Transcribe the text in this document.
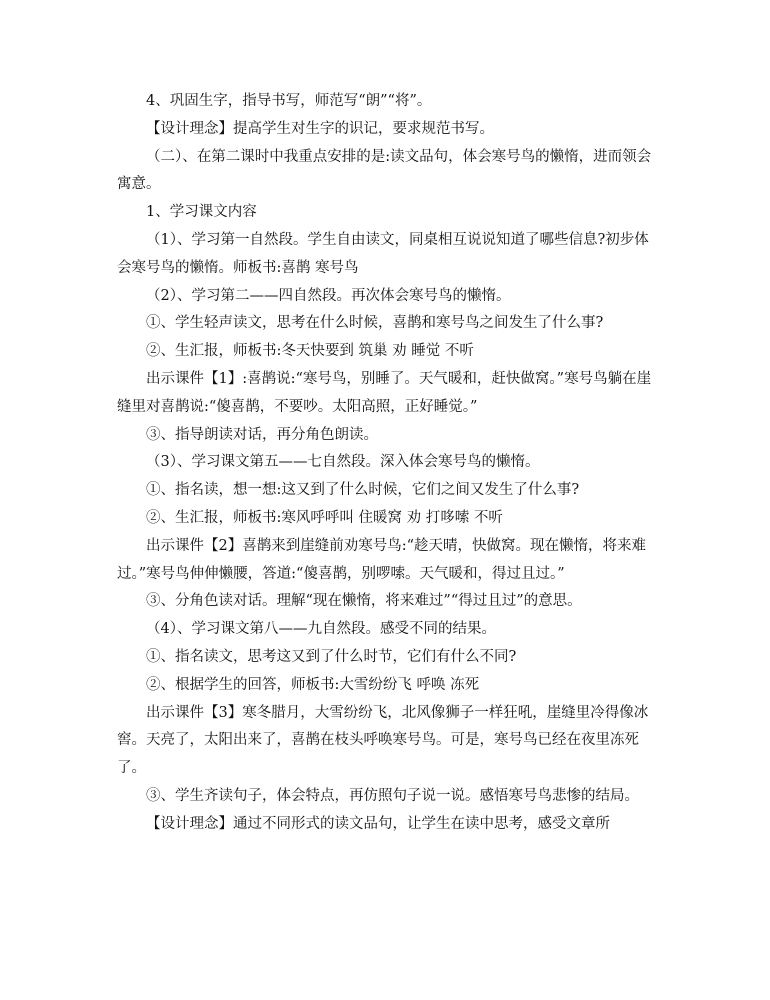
4、巩固生字，指导书写，师范写“朗”“将”。

【设计理念】提高学生对生字的识记，要求规范书写。

（二）、在第二课时中我重点安排的是:读文品句，体会寒号鸟的懒惰，进而领会寓意。

1、学习课文内容

（1）、学习第一自然段。学生自由读文，同桌相互说说知道了哪些信息?初步体会寒号鸟的懒惰。师板书:喜鹊 寒号鸟

（2）、学习第二——四自然段。再次体会寒号鸟的懒惰。

①、学生轻声读文，思考在什么时候，喜鹊和寒号鸟之间发生了什么事?

②、生汇报，师板书:冬天快要到 筑巢 劝 睡觉 不听

出示课件【1】:喜鹊说:“寒号鸟，别睡了。天气暖和，赶快做窝。”寒号鸟躺在崖缝里对喜鹊说:“傻喜鹊，不要吵。太阳高照，正好睡觉。”

③、指导朗读对话，再分角色朗读。

（3）、学习课文第五——七自然段。深入体会寒号鸟的懒惰。

①、指名读，想一想:这又到了什么时候，它们之间又发生了什么事?

②、生汇报，师板书:寒风呼呼叫 住暖窝 劝 打哆嗦 不听

出示课件【2】喜鹊来到崖缝前劝寒号鸟:“趁天晴，快做窝。现在懒惰，将来难过。”寒号鸟伸伸懒腰，答道:“傻喜鹊，别啰嗦。天气暖和，得过且过。”

③、分角色读对话。理解“现在懒惰，将来难过”“得过且过”的意思。

（4）、学习课文第八——九自然段。感受不同的结果。

①、指名读文，思考这又到了什么时节，它们有什么不同?

②、根据学生的回答，师板书:大雪纷纷飞 呼唤 冻死

出示课件【3】寒冬腊月，大雪纷纷飞，北风像狮子一样狂吼，崖缝里冷得像冰窖。天亮了，太阳出来了，喜鹊在枝头呼唤寒号鸟。可是，寒号鸟已经在夜里冻死了。

③、学生齐读句子，体会特点，再仿照句子说一说。感悟寒号鸟悲惨的结局。

【设计理念】通过不同形式的读文品句，让学生在读中思考，感受文章所
